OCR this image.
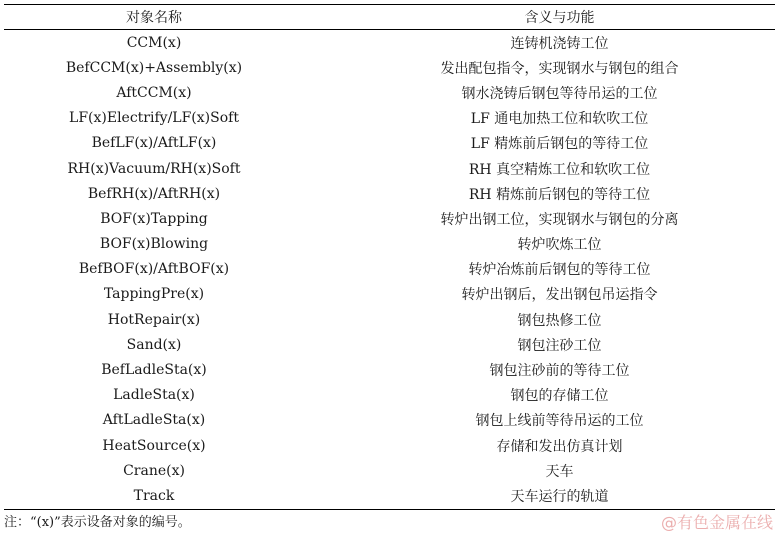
对象名称	含义与功能
CCM(x)	连铸机浇铸工位
BefCCM(x)+Assembly(x)	发出配包指令，实现钢水与钢包的组合
AftCCM(x)	钢水浇铸后钢包等待吊运的工位
LF(x)Electrify/LF(x)Soft	LF 通电加热工位和软吹工位
BefLF(x)/AftLF(x)	LF 精炼前后钢包的等待工位
RH(x)Vacuum/RH(x)Soft	RH 真空精炼工位和软吹工位
BefRH(x)/AftRH(x)	RH 精炼前后钢包的等待工位
BOF(x)Tapping	转炉出钢工位，实现钢水与钢包的分离
BOF(x)Blowing	转炉吹炼工位
BefBOF(x)/AftBOF(x)	转炉冶炼前后钢包的等待工位
TappingPre(x)	转炉出钢后，发出钢包吊运指令
HotRepair(x)	钢包热修工位
Sand(x)	钢包注砂工位
BefLadleSta(x)	钢包注砂前的等待工位
LadleSta(x)	钢包的存储工位
AftLadleSta(x)	钢包上线前等待吊运的工位
HeatSource(x)	存储和发出仿真计划
Crane(x)	天车
Track	天车运行的轨道
注：“(x)”表示设备对象的编号。	@有色金属在线
